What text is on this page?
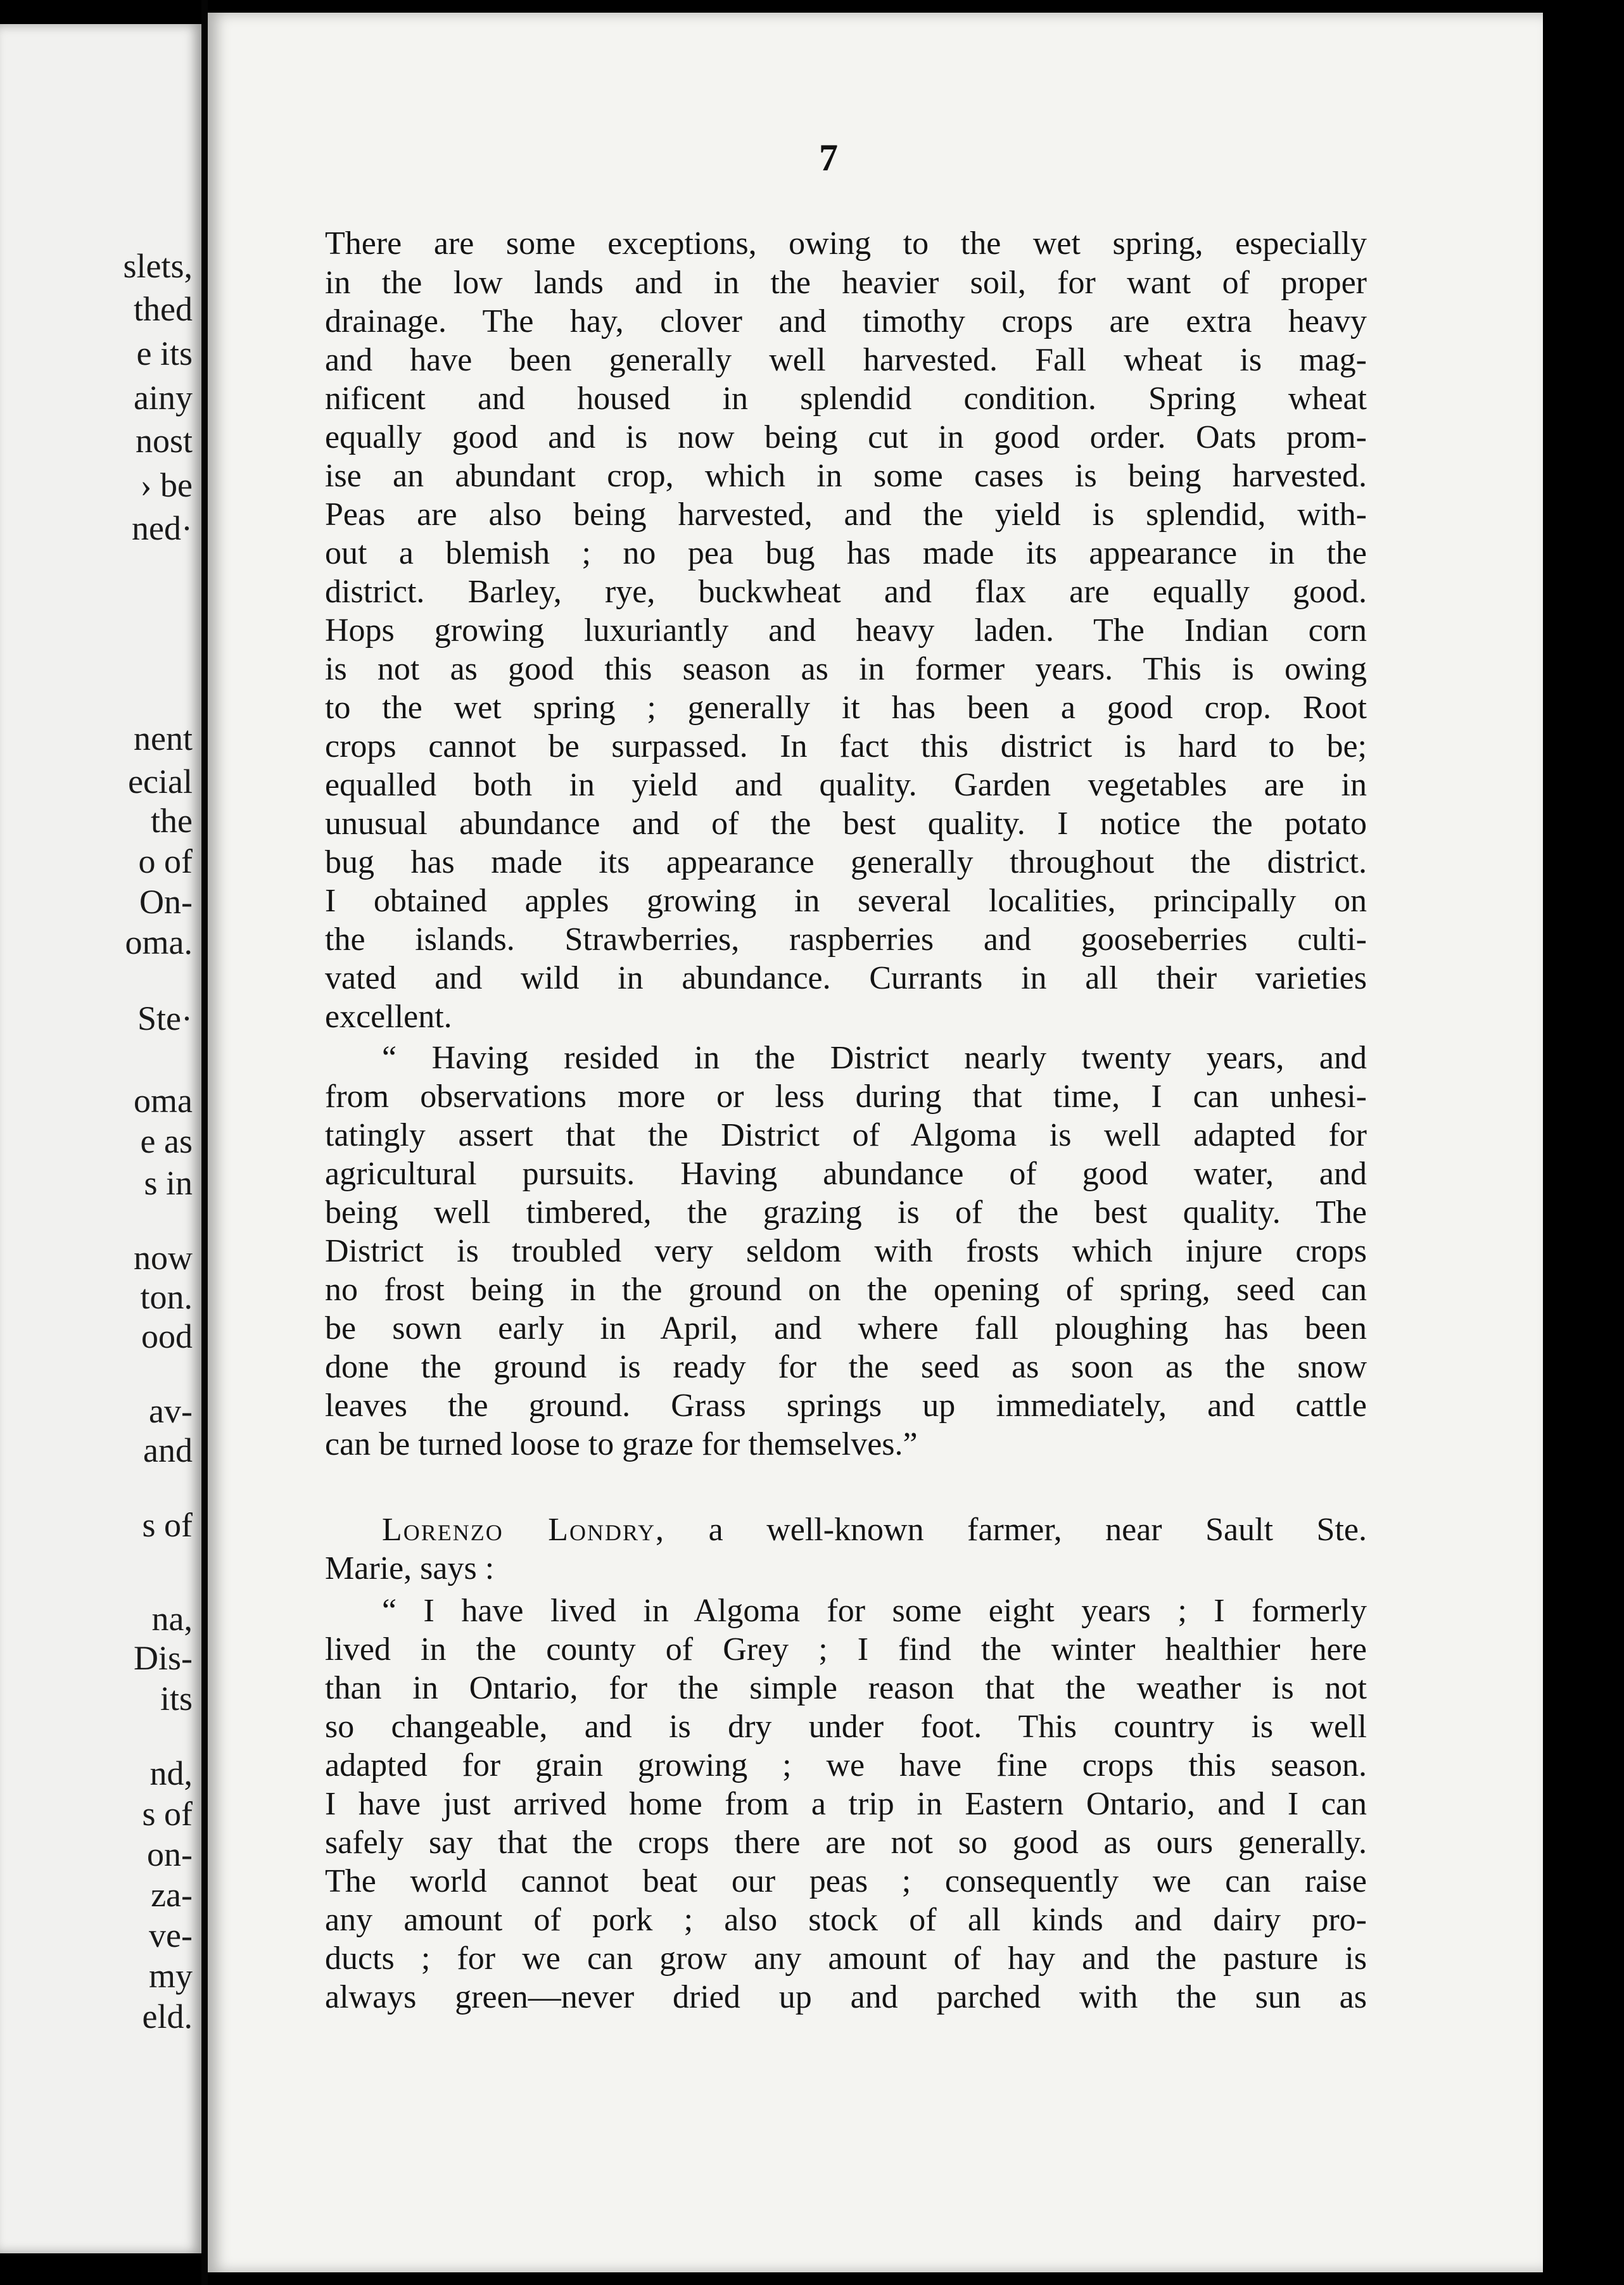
slets,
thed
e its
ainy
nost
› be
ned·
nent
ecial
the
o of
On-
oma.
Ste·
oma
e as
s in
now
ton.
ood
av-
and
s of
na,
Dis-
its
nd,
s of
on-
za-
ve-
my
eld.
7
There are some exceptions, owing to the wet spring, especially
in the low lands and in the heavier soil, for want of proper
drainage. The hay, clover and timothy crops are extra heavy
and have been generally well harvested. Fall wheat is mag-
nificent and housed in splendid condition. Spring wheat
equally good and is now being cut in good order. Oats prom-
ise an abundant crop, which in some cases is being harvested.
Peas are also being harvested, and the yield is splendid, with-
out a blemish ; no pea bug has made its appearance in the
district. Barley, rye, buckwheat and flax are equally good.
Hops growing luxuriantly and heavy laden. The Indian corn
is not as good this season as in former years. This is owing
to the wet spring ; generally it has been a good crop. Root
crops cannot be surpassed. In fact this district is hard to be;
equalled both in yield and quality. Garden vegetables are in
unusual abundance and of the best quality. I notice the potato
bug has made its appearance generally throughout the district.
I obtained apples growing in several localities, principally on
the islands. Strawberries, raspberries and gooseberries culti-
vated and wild in abundance. Currants in all their varieties
excellent.
“ Having resided in the District nearly twenty years, and
from observations more or less during that time, I can unhesi-
tatingly assert that the District of Algoma is well adapted for
agricultural pursuits. Having abundance of good water, and
being well timbered, the grazing is of the best quality. The
District is troubled very seldom with frosts which injure crops
no frost being in the ground on the opening of spring, seed can
be sown early in April, and where fall ploughing has been
done the ground is ready for the seed as soon as the snow
leaves the ground. Grass springs up immediately, and cattle
can be turned loose to graze for themselves.”
Lorenzo Londry, a well-known farmer, near Sault Ste.
Marie, says :
“ I have lived in Algoma for some eight years ; I formerly
lived in the county of Grey ; I find the winter healthier here
than in Ontario, for the simple reason that the weather is not
so changeable, and is dry under foot. This country is well
adapted for grain growing ; we have fine crops this season.
I have just arrived home from a trip in Eastern Ontario, and I can
safely say that the crops there are not so good as ours generally.
The world cannot beat our peas ; consequently we can raise
any amount of pork ; also stock of all kinds and dairy pro-
ducts ; for we can grow any amount of hay and the pasture is
always green—never dried up and parched with the sun as
